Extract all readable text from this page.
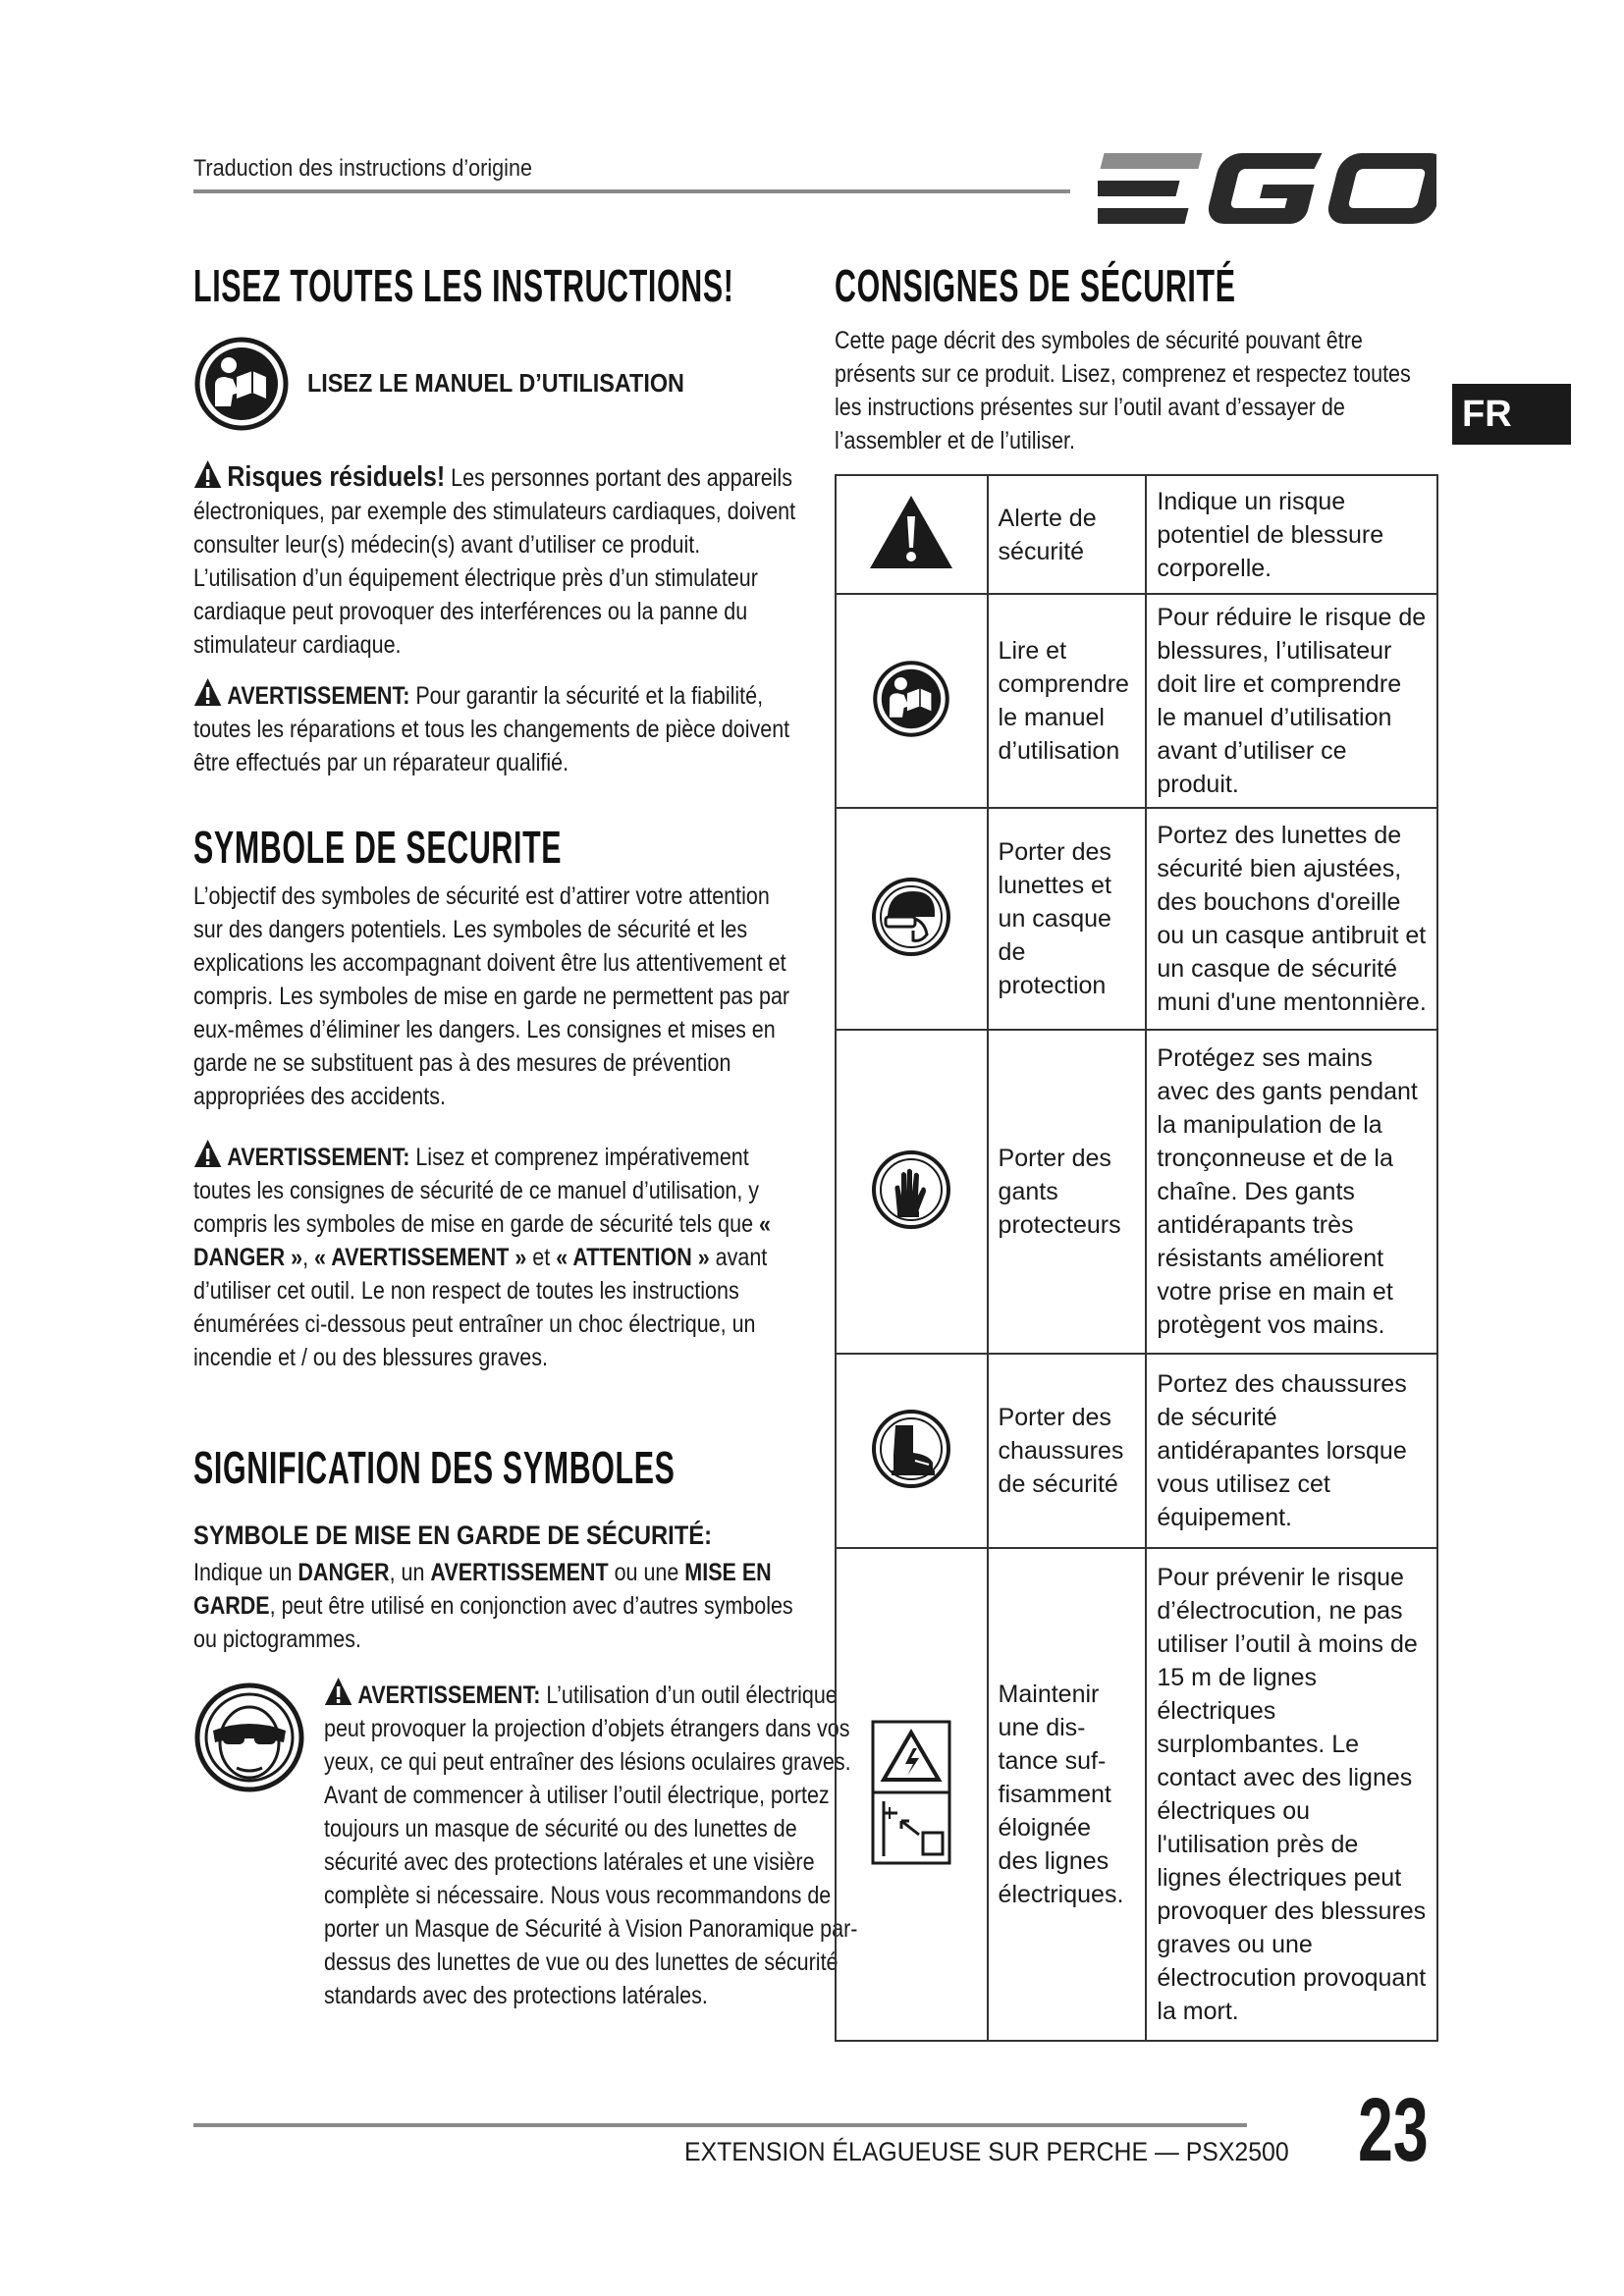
Traduction des instructions d’origine
FR
LISEZ TOUTES LES INSTRUCTIONS!
LISEZ LE MANUEL D’UTILISATION

Risques résiduels! Les personnes portant des appareils électroniques, par exemple des stimulateurs cardiaques, doivent consulter leur(s) médecin(s) avant d’utiliser ce produit. L’utilisation d’un équipement électrique près d’un stimulateur cardiaque peut provoquer des interférences ou la panne du stimulateur cardiaque.

AVERTISSEMENT: Pour garantir la sécurité et la fiabilité, toutes les réparations et tous les changements de pièce doivent être effectués par un réparateur qualifié.

SYMBOLE DE SECURITE
L’objectif des symboles de sécurité est d’attirer votre attention sur des dangers potentiels. Les symboles de sécurité et les explications les accompagnant doivent être lus attentivement et compris. Les symboles de mise en garde ne permettent pas par eux-mêmes d’éliminer les dangers. Les consignes et mises en garde ne se substituent pas à des mesures de prévention appropriées des accidents.

AVERTISSEMENT: Lisez et comprenez impérativement toutes les consignes de sécurité de ce manuel d’utilisation, y compris les symboles de mise en garde de sécurité tels que « DANGER », « AVERTISSEMENT » et « ATTENTION » avant d’utiliser cet outil. Le non respect de toutes les instructions énumérées ci-dessous peut entraîner un choc électrique, un incendie et / ou des blessures graves.

SIGNIFICATION DES SYMBOLES
SYMBOLE DE MISE EN GARDE DE SÉCURITÉ:

Indique un DANGER, un AVERTISSEMENT ou une MISE EN GARDE, peut être utilisé en conjonction avec d’autres symboles ou pictogrammes.

AVERTISSEMENT: L’utilisation d’un outil électrique peut provoquer la projection d’objets étrangers dans vos yeux, ce qui peut entraîner des lésions oculaires graves. Avant de commencer à utiliser l’outil électrique, portez toujours un masque de sécurité ou des lunettes de sécurité avec des protections latérales et une visière complète si nécessaire. Nous vous recommandons de porter un Masque de Sécurité à Vision Panoramique par-dessus des lunettes de vue ou des lunettes de sécurité standards avec des protections latérales.

CONSIGNES DE SÉCURITÉ
Cette page décrit des symboles de sécurité pouvant être présents sur ce produit. Lisez, comprenez et respectez toutes les instructions présentes sur l’outil avant d’essayer de l’assembler et de l’utiliser.

Alerte de sécurité	Indique un risque potentiel de blessure corporelle.

Lire et comprendre le manuel d’utilisation	Pour réduire le risque de blessures, l’utilisateur doit lire et comprendre le manuel d’utilisation avant d’utiliser ce produit.

Porter des lunettes et un casque de protection	Portez des lunettes de sécurité bien ajustées, des bouchons d'oreille ou un casque antibruit et un casque de sécurité muni d'une mentonnière.

Porter des gants protecteurs	Protégez ses mains avec des gants pendant la manipulation de la tronçonneuse et de la chaîne. Des gants antidérapants très résistants améliorent votre prise en main et protègent vos mains.

Porter des chaussures de sécurité	Portez des chaussures de sécurité antidérapantes lorsque vous utilisez cet équipement.

Maintenir une dis-tance suf-fisamment éloignée des lignes électriques.	Pour prévenir le risque d’électrocution, ne pas utiliser l’outil à moins de 15 m de lignes électriques surplombantes. Le contact avec des lignes électriques ou l'utilisation près de lignes électriques peut provoquer des blessures graves ou une électrocution provoquant la mort.
EXTENSION ÉLAGUEUSE SUR PERCHE — PSX2500 23
